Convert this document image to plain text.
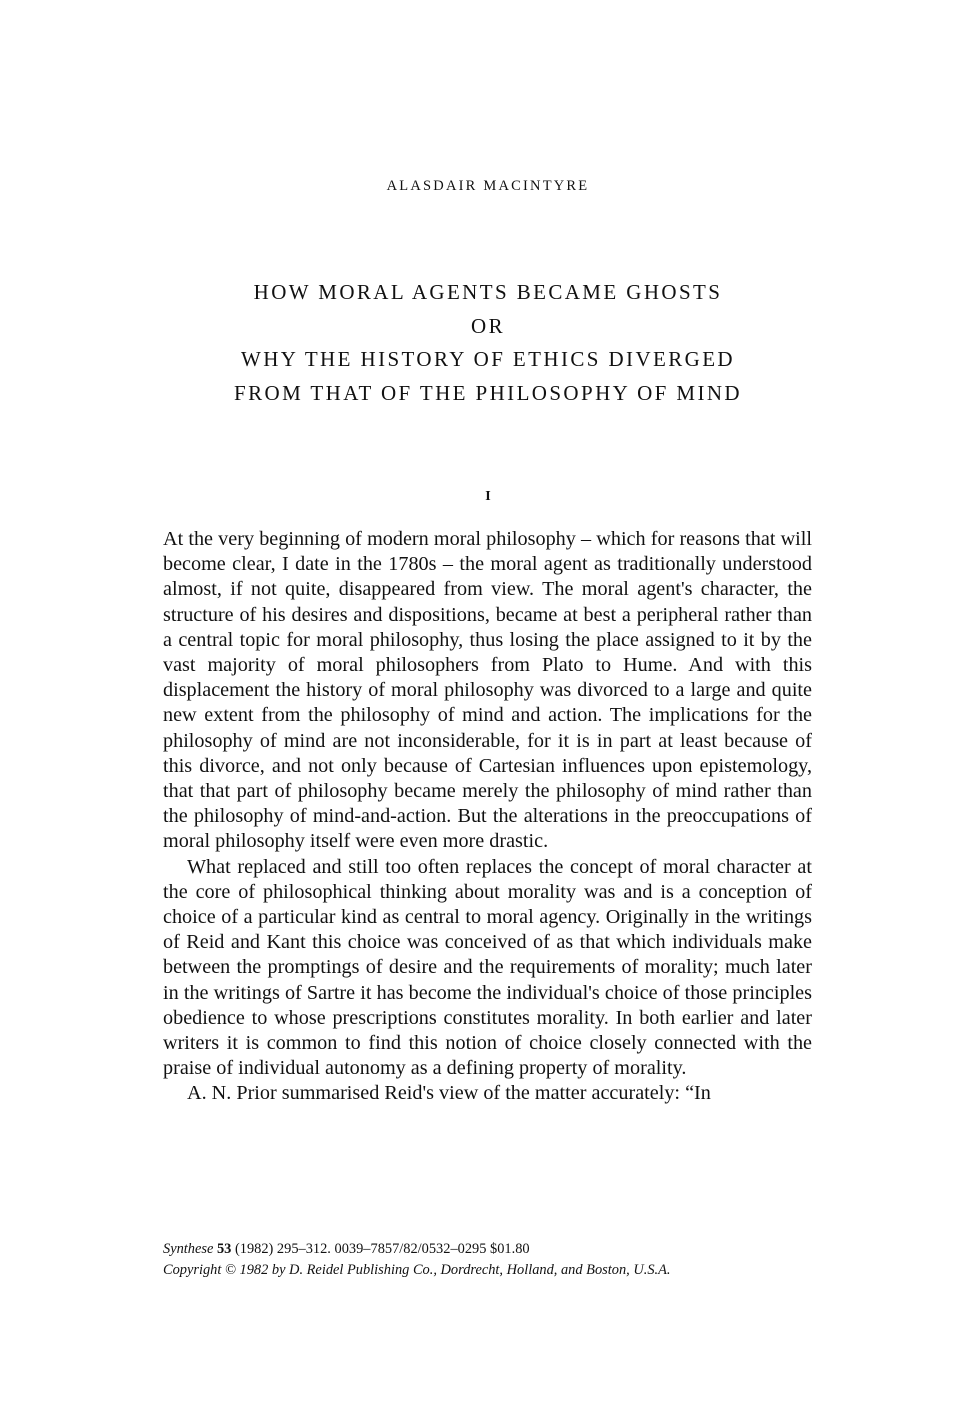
ALASDAIR MACINTYRE
HOW MORAL AGENTS BECAME GHOSTS
OR
WHY THE HISTORY OF ETHICS DIVERGED
FROM THAT OF THE PHILOSOPHY OF MIND
I

At the very beginning of modern moral philosophy – which for reasons that will become clear, I date in the 1780s – the moral agent as traditionally understood almost, if not quite, disappeared from view. The moral agent's character, the structure of his desires and dispositions, became at best a peripheral rather than a central topic for moral philosophy, thus losing the place assigned to it by the vast majority of moral philosophers from Plato to Hume. And with this displacement the history of moral philosophy was divorced to a large and quite new extent from the philosophy of mind and action. The implications for the philosophy of mind are not inconsiderable, for it is in part at least because of this divorce, and not only because of Cartesian influences upon epistemology, that that part of philosophy became merely the philosophy of mind rather than the philosophy of mind-and-action. But the alterations in the preoccupations of moral philosophy itself were even more drastic.

What replaced and still too often replaces the concept of moral character at the core of philosophical thinking about morality was and is a conception of choice of a particular kind as central to moral agency. Originally in the writings of Reid and Kant this choice was conceived of as that which individuals make between the promptings of desire and the requirements of morality; much later in the writings of Sartre it has become the individual's choice of those principles obedience to whose prescriptions constitutes morality. In both earlier and later writers it is common to find this notion of choice closely connected with the praise of individual autonomy as a defining property of morality.

A. N. Prior summarised Reid's view of the matter accurately: “In

Synthese 53 (1982) 295–312. 0039–7857/82/0532–0295 $01.80
Copyright © 1982 by D. Reidel Publishing Co., Dordrecht, Holland, and Boston, U.S.A.
